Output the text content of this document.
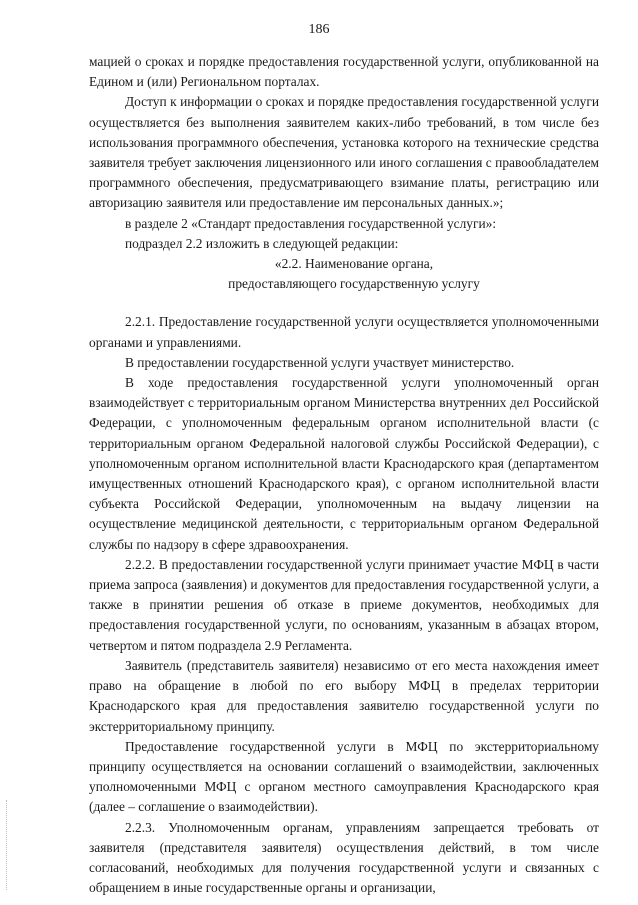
186

мацией о сроках и порядке предоставления государственной услуги, опубликованной на Едином и (или) Региональном порталах.

Доступ к информации о сроках и порядке предоставления государственной услуги осуществляется без выполнения заявителем каких-либо требований, в том числе без использования программного обеспечения, установка которого на технические средства заявителя требует заключения лицензионного или иного соглашения с правообладателем программного обеспечения, предусматривающего взимание платы, регистрацию или авторизацию заявителя или предоставление им персональных данных.»;

в разделе 2 «Стандарт предоставления государственной услуги»:

подраздел 2.2 изложить в следующей редакции:

«2.2. Наименование органа,

предоставляющего государственную услугу

2.2.1. Предоставление государственной услуги осуществляется уполномоченными органами и управлениями.

В предоставлении государственной услуги участвует министерство.

В ходе предоставления государственной услуги уполномоченный орган взаимодействует с территориальным органом Министерства внутренних дел Российской Федерации, с уполномоченным федеральным органом исполнительной власти (с территориальным органом Федеральной налоговой службы Российской Федерации), с уполномоченным органом исполнительной власти Краснодарского края (департаментом имущественных отношений Краснодарского края), с органом исполнительной власти субъекта Российской Федерации, уполномоченным на выдачу лицензии на осуществление медицинской деятельности, с территориальным органом Федеральной службы по надзору в сфере здравоохранения.

2.2.2. В предоставлении государственной услуги принимает участие МФЦ в части приема запроса (заявления) и документов для предоставления государственной услуги, а также в принятии решения об отказе в приеме документов, необходимых для предоставления государственной услуги, по основаниям, указанным в абзацах втором, четвертом и пятом подраздела 2.9 Регламента.

Заявитель (представитель заявителя) независимо от его места нахождения имеет право на обращение в любой по его выбору МФЦ в пределах территории Краснодарского края для предоставления заявителю государственной услуги по экстерриториальному принципу.

Предоставление государственной услуги в МФЦ по экстерриториальному принципу осуществляется на основании соглашений о взаимодействии, заключенных уполномоченными МФЦ с органом местного самоуправления Краснодарского края (далее – соглашение о взаимодействии).

2.2.3. Уполномоченным органам, управлениям запрещается требовать от заявителя (представителя заявителя) осуществления действий, в том числе согласований, необходимых для получения государственной услуги и связанных с обращением в иные государственные органы и организации,
